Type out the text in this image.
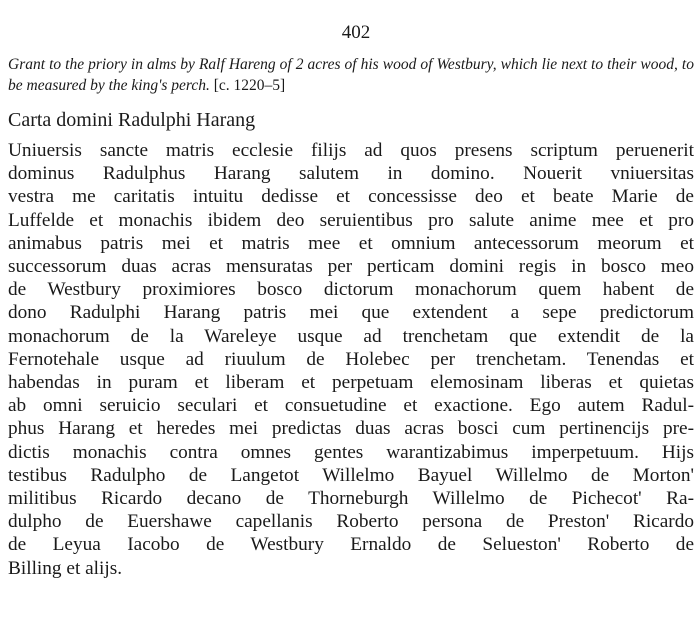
402

Grant to the priory in alms by Ralf Hareng of 2 acres of his wood of Westbury, which lie next to their wood, to be measured by the king's perch. [c. 1220–5]

Carta domini Radulphi Harang
Uniuersis sancte matris ecclesie filijs ad quos presens scriptum peruenerit
dominus Radulphus Harang salutem in domino. Nouerit vniuersitas
vestra me caritatis intuitu dedisse et concessisse deo et beate Marie de
Luffelde et monachis ibidem deo seruientibus pro salute anime mee et pro
animabus patris mei et matris mee et omnium antecessorum meorum et
successorum duas acras mensuratas per perticam domini regis in bosco meo
de Westbury proximiores bosco dictorum monachorum quem habent de
dono Radulphi Harang patris mei que extendent a sepe predictorum
monachorum de la Wareleye usque ad trenchetam que extendit de la
Fernotehale usque ad riuulum de Holebec per trenchetam. Tenendas et
habendas in puram et liberam et perpetuam elemosinam liberas et quietas
ab omni seruicio seculari et consuetudine et exactione. Ego autem Radul-
phus Harang et heredes mei predictas duas acras bosci cum pertinencijs pre-
dictis monachis contra omnes gentes warantizabimus imperpetuum. Hijs
testibus Radulpho de Langetot Willelmo Bayuel Willelmo de Morton'
militibus Ricardo decano de Thorneburgh Willelmo de Pichecot' Ra-
dulpho de Euershawe capellanis Roberto persona de Preston' Ricardo
de Leyua Iacobo de Westbury Ernaldo de Selueston' Roberto de
Billing et alijs.
